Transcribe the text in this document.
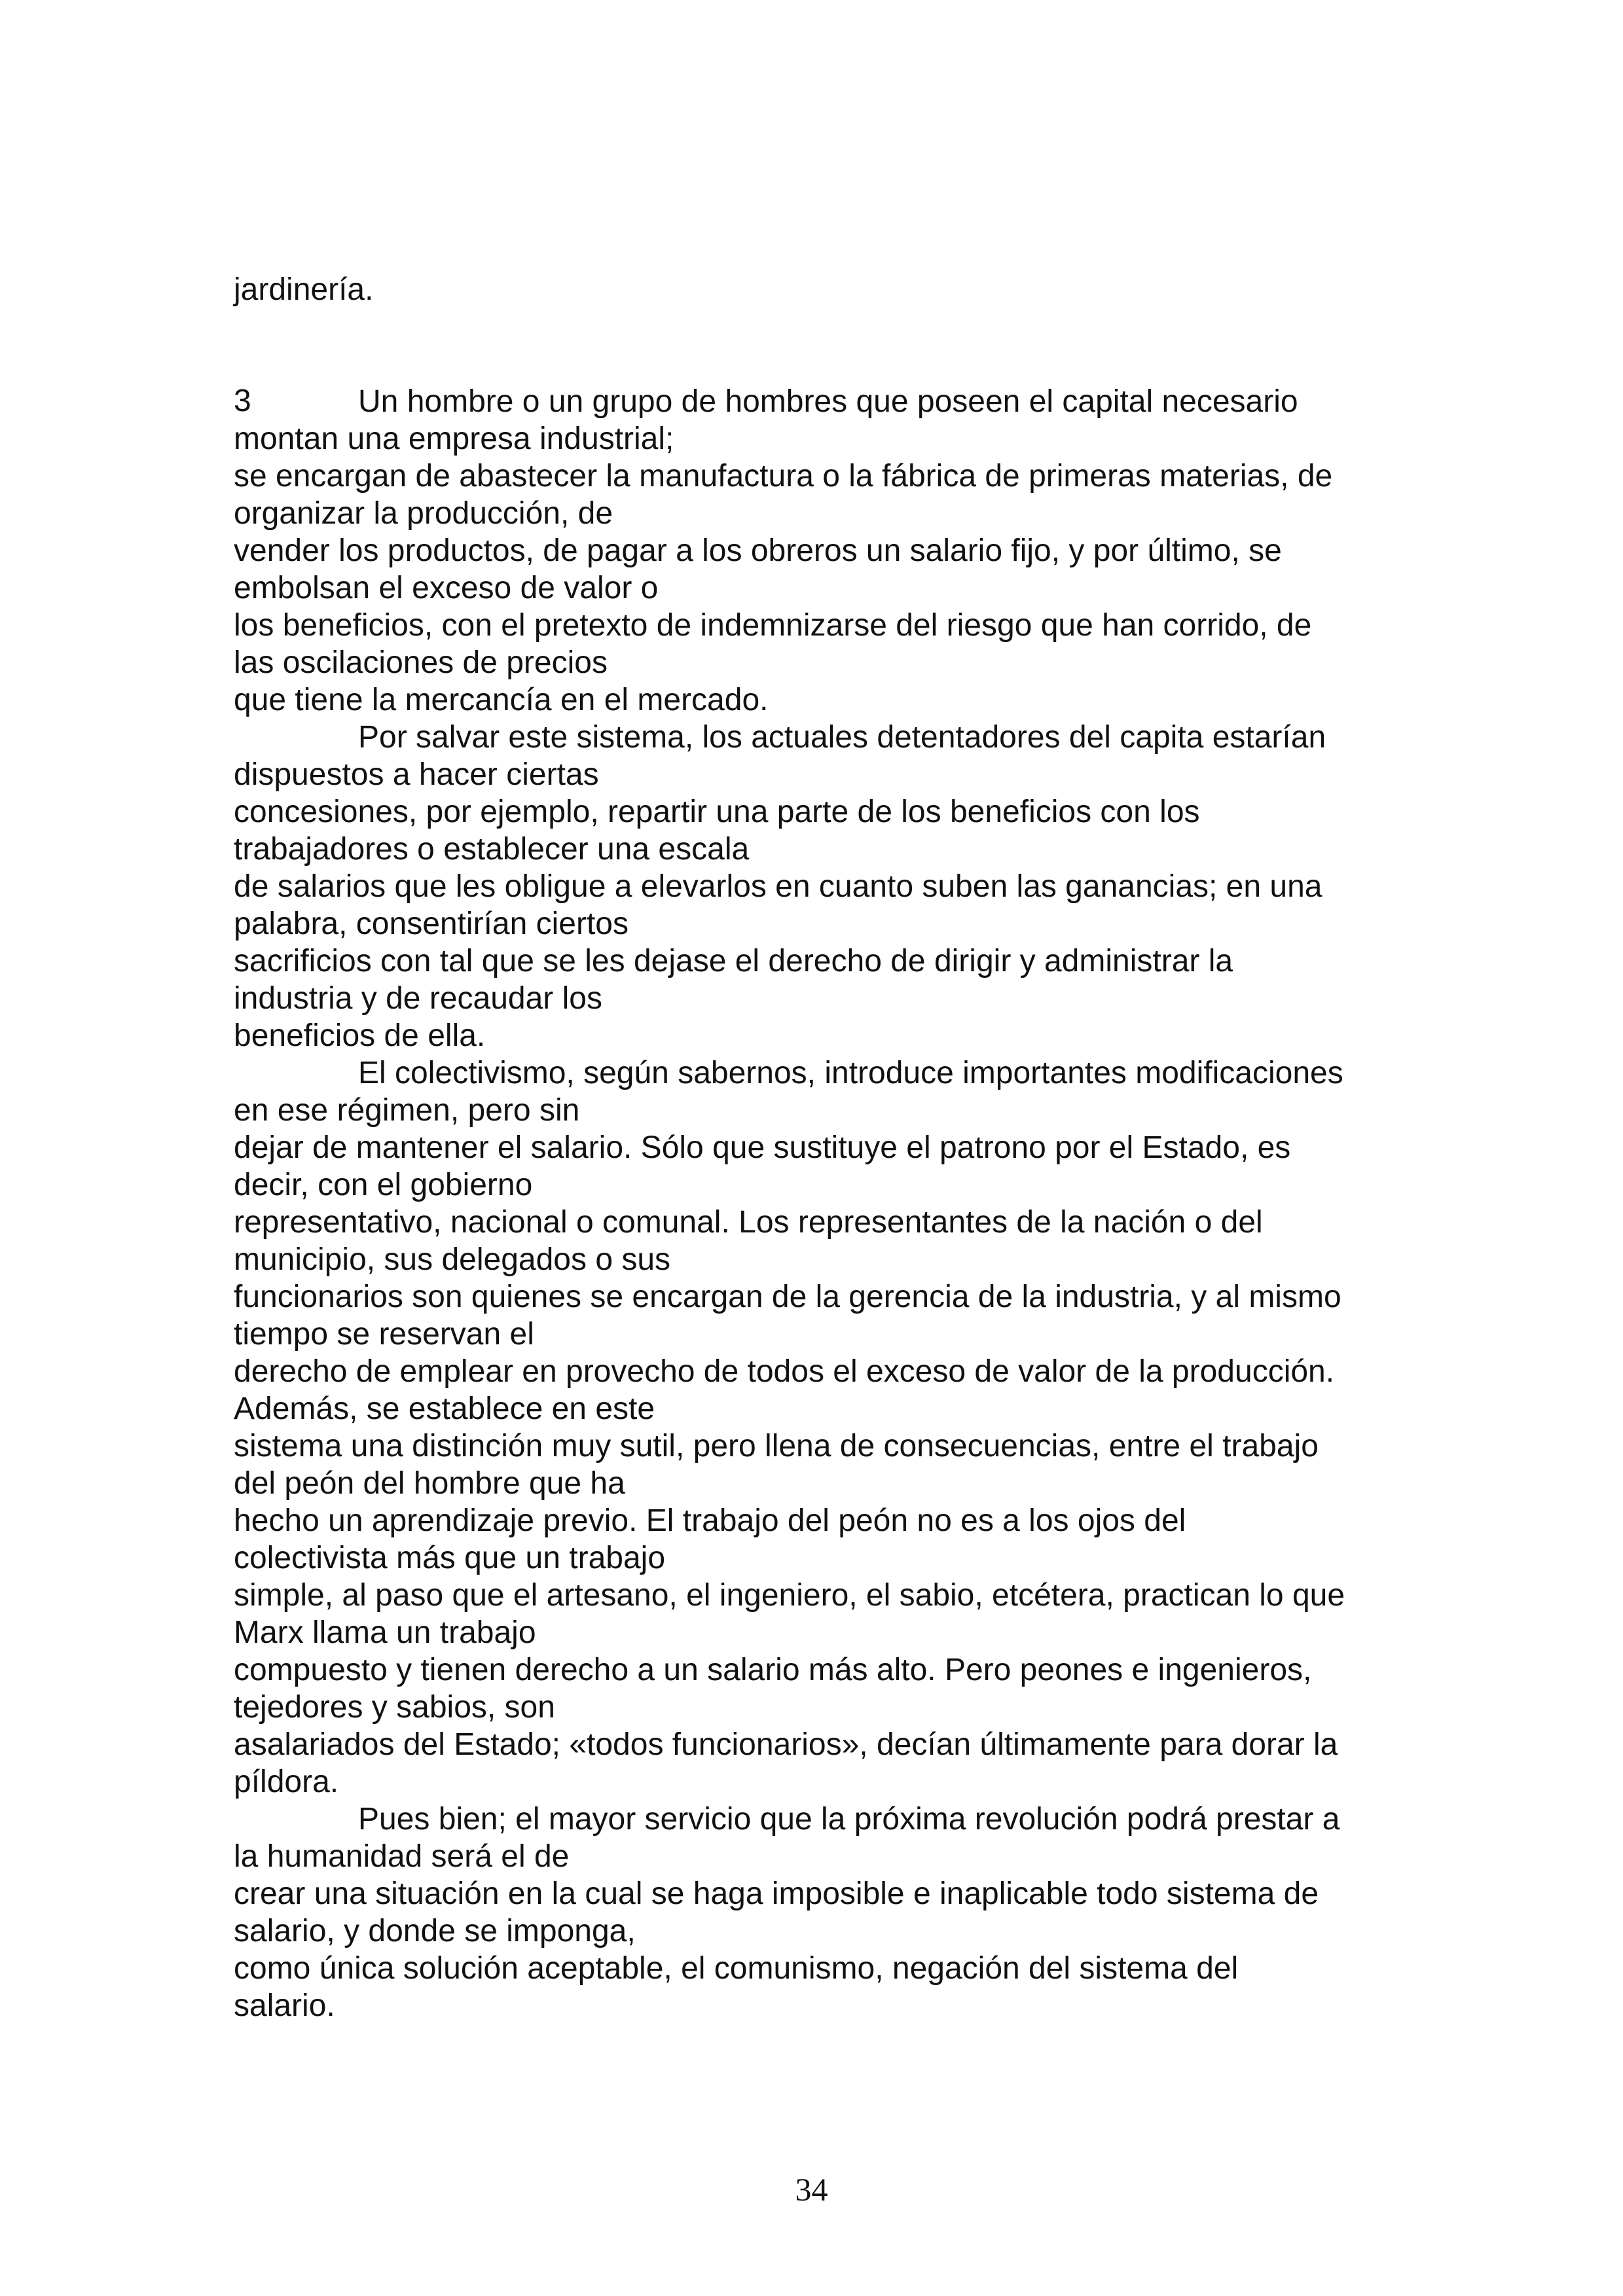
jardinería.

3

	Un hombre o un grupo de hombres que poseen el capital necesario
montan una empresa industrial;
se encargan de abastecer la manufactura o la fábrica de primeras materias, de
organizar la producción, de
vender los productos, de pagar a los obreros un salario fijo, y por último, se
embolsan el exceso de valor o
los beneficios, con el pretexto de indemnizarse del riesgo que han corrido, de
las oscilaciones de precios
que tiene la mercancía en el mercado.
Por salvar este sistema, los actuales detentadores del capita estarían
dispuestos a hacer ciertas
concesiones, por ejemplo, repartir una parte de los beneficios con los
trabajadores o establecer una escala
de salarios que les obligue a elevarlos en cuanto suben las ganancias; en una
palabra, consentirían ciertos
sacrificios con tal que se les dejase el derecho de dirigir y administrar la
industria y de recaudar los
beneficios de ella.
El colectivismo, según sabernos, introduce importantes modificaciones
en ese régimen, pero sin
dejar de mantener el salario. Sólo que sustituye el patrono por el Estado, es
decir, con el gobierno
representativo, nacional o comunal. Los representantes de la nación o del
municipio, sus delegados o sus
funcionarios son quienes se encargan de la gerencia de la industria, y al mismo
tiempo se reservan el
derecho de emplear en provecho de todos el exceso de valor de la producción.
Además, se establece en este
sistema una distinción muy sutil, pero llena de consecuencias, entre el trabajo
del peón del hombre que ha
hecho un aprendizaje previo. El trabajo del peón no es a los ojos del
colectivista más que un trabajo
simple, al paso que el artesano, el ingeniero, el sabio, etcétera, practican lo que
Marx llama un trabajo
compuesto y tienen derecho a un salario más alto. Pero peones e ingenieros,
tejedores y sabios, son
asalariados del Estado; «todos funcionarios», decían últimamente para dorar la
píldora.
Pues bien; el mayor servicio que la próxima revolución podrá prestar a
la humanidad será el de
crear una situación en la cual se haga imposible e inaplicable todo sistema de
salario, y donde se imponga,
como única solución aceptable, el comunismo, negación del sistema del
salario.
34
